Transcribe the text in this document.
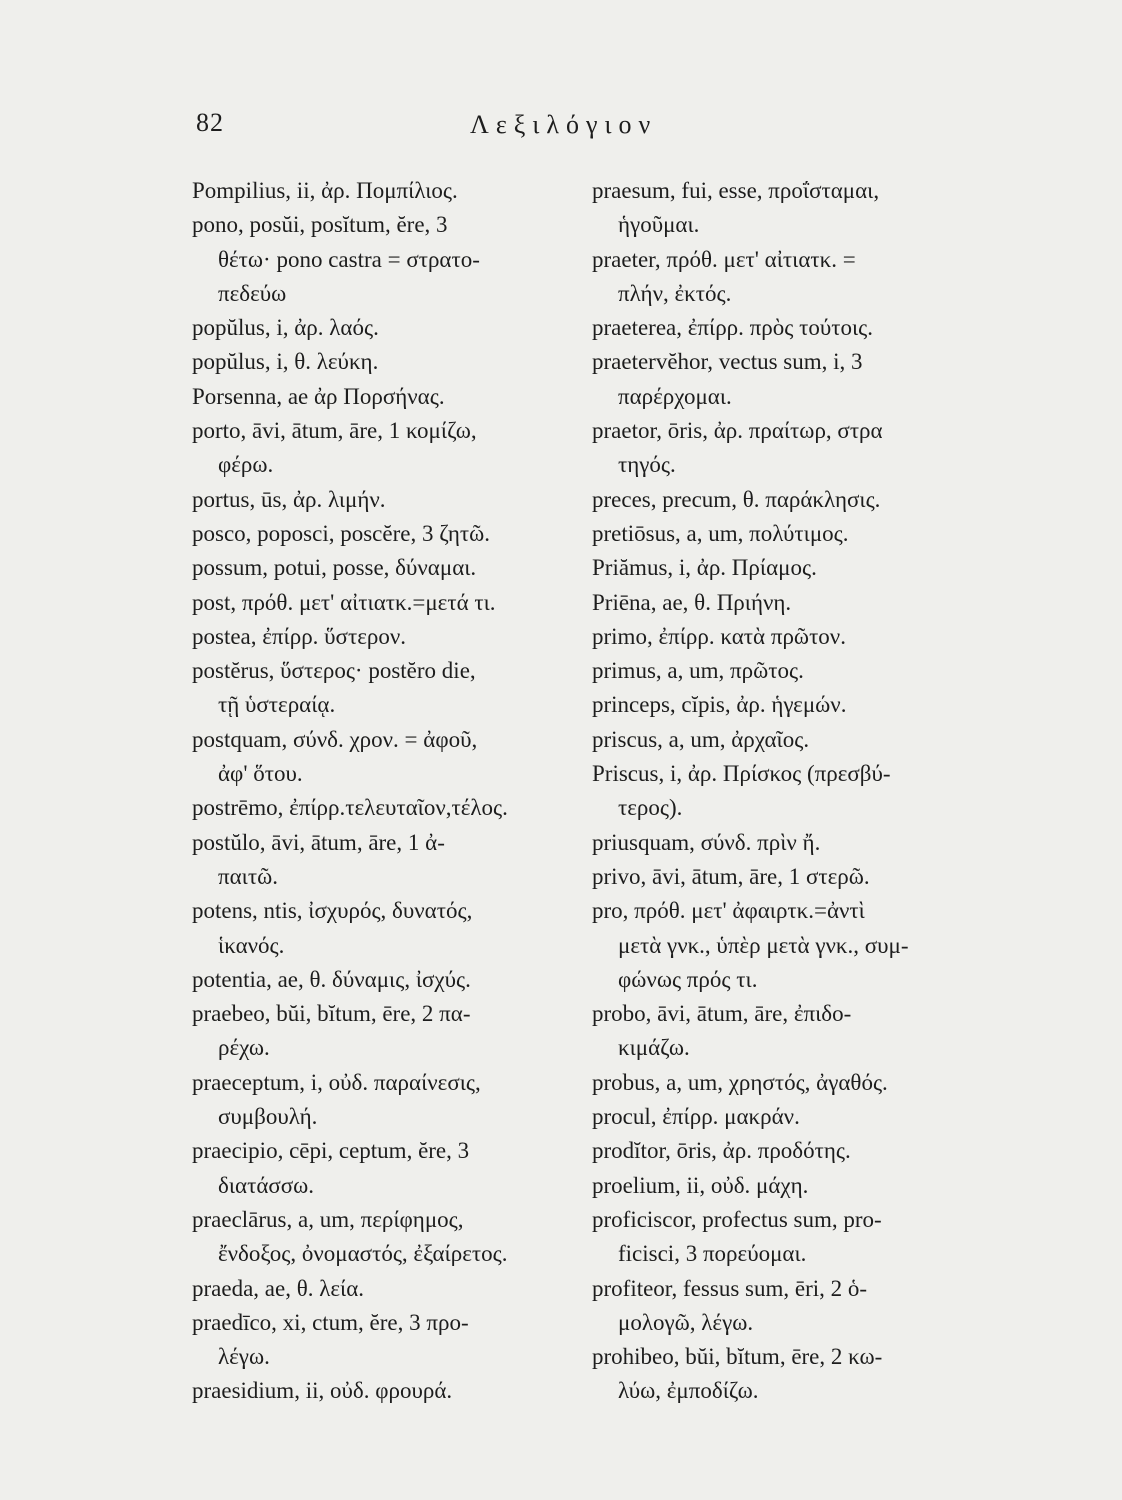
82	Λεξιλόγιον
Pompilius, ii, ἀρ. Πομπίλιος.
pono, posŭi, posĭtum, ĕre, 3
θέτω· pono castra = στρατο-
πεδεύω
popŭlus, i, ἀρ. λαός.
popŭlus, i, θ. λεύκη.
Porsenna, ae ἀρ Πορσήνας.
porto, āvi, ātum, āre, 1 κομίζω,
φέρω.
portus, ūs, ἀρ. λιμήν.
posco, poposci, poscĕre, 3 ζητῶ.
possum, potui, posse, δύναμαι.
post, πρόθ. μετ' αἰτιατκ.=μετά τι.
postea, ἐπίρρ. ὕστερον.
postĕrus, ὕστερος· postĕro die,
τῇ ὑστεραίᾳ.
postquam, σύνδ. χρον. = ἀφοῦ,
ἀφ' ὅτου.
postrēmo, ἐπίρρ.τελευταῖον,τέλος.
postŭlo, āvi, ātum, āre, 1 ἀ-
παιτῶ.
potens, ntis, ἰσχυρός, δυνατός,
ἱκανός.
potentia, ae, θ. δύναμις, ἰσχύς.
praebeo, bŭi, bĭtum, ēre, 2 πα-
ρέχω.
praeceptum, i, οὐδ. παραίνεσις,
συμβουλή.
praecipio, cēpi, ceptum, ĕre, 3
διατάσσω.
praeclārus, a, um, περίφημος,
ἔνδοξος, ὀνομαστός, ἐξαίρετος.
praeda, ae, θ. λεία.
praedīco, xi, ctum, ĕre, 3 προ-
λέγω.
praesidium, ii, οὐδ. φρουρά.
praesum, fui, esse, προΐσταμαι,
ἡγοῦμαι.
praeter, πρόθ. μετ' αἰτιατκ. =
πλήν, ἐκτός.
praeterea, ἐπίρρ. πρὸς τούτοις.
praetervĕhor, vectus sum, i, 3
παρέρχομαι.
praetor, ōris, ἀρ. πραίτωρ, στρα
τηγός.
preces, precum, θ. παράκλησις.
pretiōsus, a, um, πολύτιμος.
Priămus, i, ἀρ. Πρίαμος.
Priēna, ae, θ. Πριήνη.
primo, ἐπίρρ. κατὰ πρῶτον.
primus, a, um, πρῶτος.
princeps, cĭpis, ἀρ. ἡγεμών.
priscus, a, um, ἀρχαῖος.
Priscus, i, ἀρ. Πρίσκος (πρεσβύ-
τερος).
priusquam, σύνδ. πρὶν ἤ.
privo, āvi, ātum, āre, 1 στερῶ.
pro, πρόθ. μετ' ἀφαιρτκ.=ἀντὶ
μετὰ γνκ., ὑπὲρ μετὰ γνκ., συμ-
φώνως πρός τι.
probo, āvi, ātum, āre, ἐπιδο-
κιμάζω.
probus, a, um, χρηστός, ἀγαθός.
procul, ἐπίρρ. μακράν.
prodĭtor, ōris, ἀρ. προδότης.
proelium, ii, οὐδ. μάχη.
proficiscor, profectus sum, pro-
ficisci, 3 πορεύομαι.
profiteor, fessus sum, ēri, 2 ὁ-
μολογῶ, λέγω.
prohibeo, bŭi, bĭtum, ēre, 2 κω-
λύω, ἐμποδίζω.
